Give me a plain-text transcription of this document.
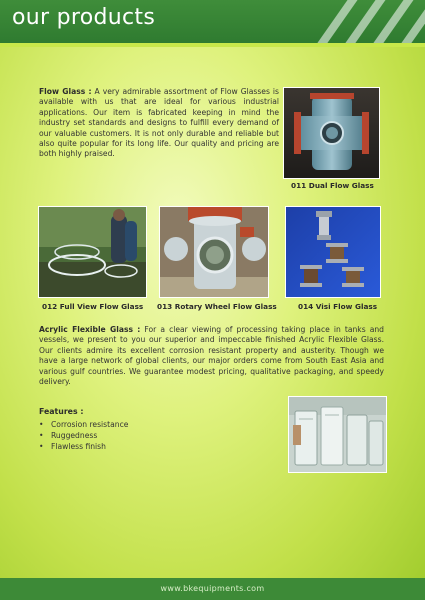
our products

Flow Glass : A very admirable assortment of Flow Glasses is available with us that are ideal for various industrial applications. Our item is fabricated keeping in mind the industry set standards and designs to fulfill every demand of our valuable customers. It is not only durable and reliable but also quite popular for its long life. Our quality and pricing are both highly praised.

011 Dual Flow Glass
012 Full View Flow Glass 013 Rotary Wheel Flow Glass	014 Visi Flow Glass

Acrylic Flexible Glass : For a clear viewing of processing taking place in tanks and vessels, we present to you our superior and impeccable finished Acrylic Flexible Glass. Our clients admire its excellent corrosion resistant property and austerity. Though we have a large network of global clients, our major orders come from South East Asia and various gulf countries. We guarantee modest pricing, qualitative packaging, and speedy delivery.

Features :
• Corrosion resistance
• Ruggedness
• Flawless finish
www.bkequipments.com
